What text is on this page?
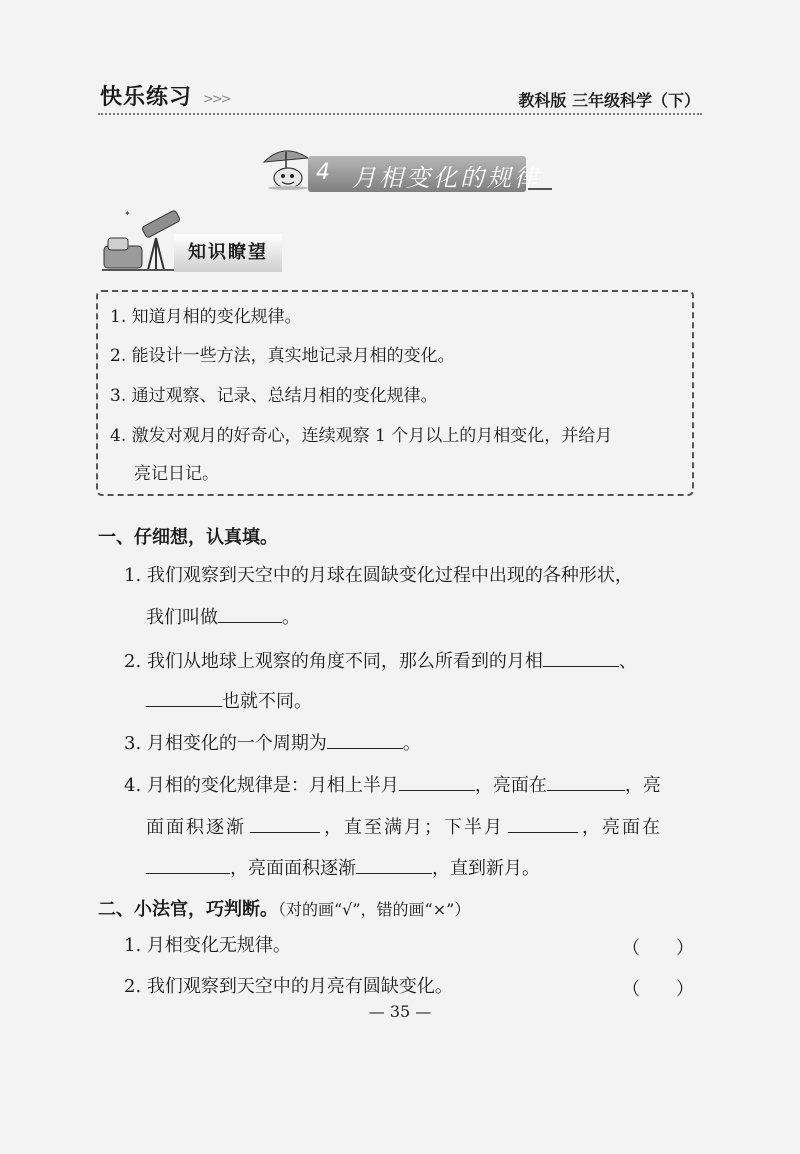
快乐练习 >>>	教科版 三年级科学（下）
4 月相变化的规律
✦
知识瞭望
1. 知道月相的变化规律。
2. 能设计一些方法，真实地记录月相的变化。
3. 通过观察、记录、总结月相的变化规律。
4. 激发对观月的好奇心，连续观察 1 个月以上的月相变化，并给月
亮记日记。
一、仔细想，认真填。
1. 我们观察到天空中的月球在圆缺变化过程中出现的各种形状，
我们叫做	。
2. 我们从地球上观察的角度不同，那么所看到的月相	、
也就不同。
3. 月相变化的一个周期为	。
4. 月相的变化规律是：月相上半月	，亮面在	，亮
面面积逐渐	，直至满月；下半月	，亮面在
，亮面面积逐渐	，直到新月。
二、小法官，巧判断。（对的画“√”，错的画“×”）
1. 月相变化无规律。	（　　）
2. 我们观察到天空中的月亮有圆缺变化。	（　　）
— 35 —
